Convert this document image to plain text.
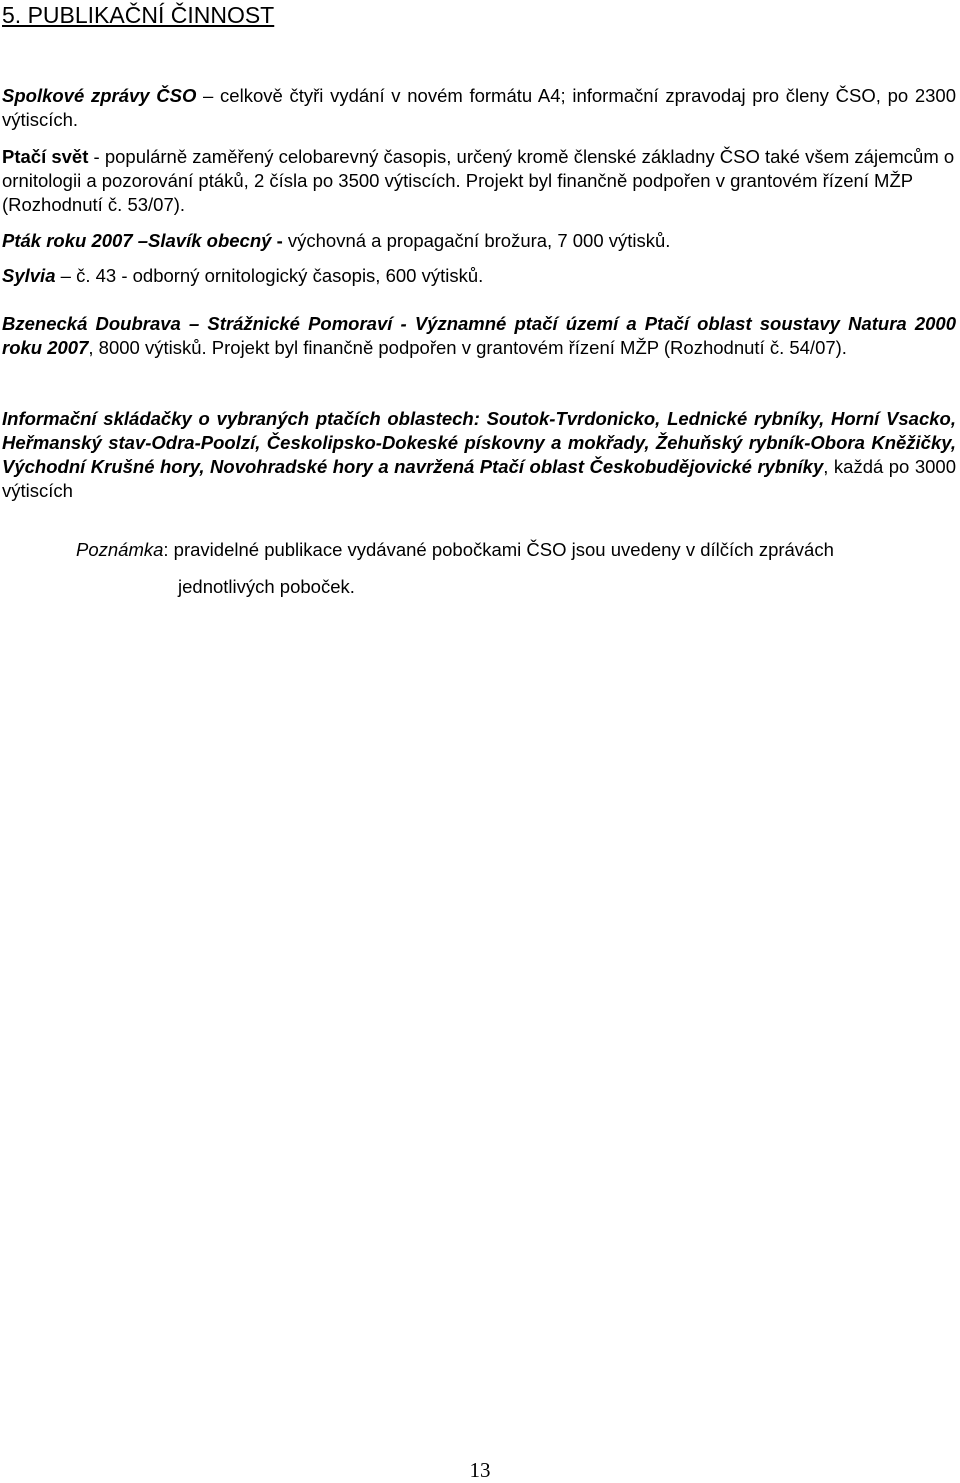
5. PUBLIKAČNÍ ČINNOST

Spolkové zprávy ČSO – celkově čtyři vydání v novém formátu A4; informační zpravodaj pro členy ČSO, po 2300 výtiscích.

Ptačí svět - populárně zaměřený celobarevný časopis, určený kromě členské základny ČSO také všem zájemcům o ornitologii a pozorování ptáků, 2 čísla po 3500 výtiscích. Projekt byl finančně podpořen v grantovém řízení MŽP (Rozhodnutí č. 53/07).

Pták roku 2007 –Slavík obecný - výchovná a propagační brožura, 7 000 výtisků.

Sylvia – č. 43 - odborný ornitologický časopis, 600 výtisků.

Bzenecká Doubrava – Strážnické Pomoraví - Významné ptačí území a Ptačí oblast soustavy Natura 2000 roku 2007, 8000 výtisků. Projekt byl finančně podpořen v grantovém řízení MŽP (Rozhodnutí č. 54/07).

Informační skládačky o vybraných ptačích oblastech: Soutok-Tvrdonicko, Lednické rybníky, Horní Vsacko, Heřmanský stav-Odra-Poolzí, Českolipsko-Dokeské pískovny a mokřady, Žehuňský rybník-Obora Kněžičky, Východní Krušné hory, Novohradské hory a navržená Ptačí oblast Českobudějovické rybníky, každá po 3000 výtiscích

Poznámka: pravidelné publikace vydávané pobočkami ČSO jsou uvedeny v dílčích zprávách
jednotlivých poboček.

13
